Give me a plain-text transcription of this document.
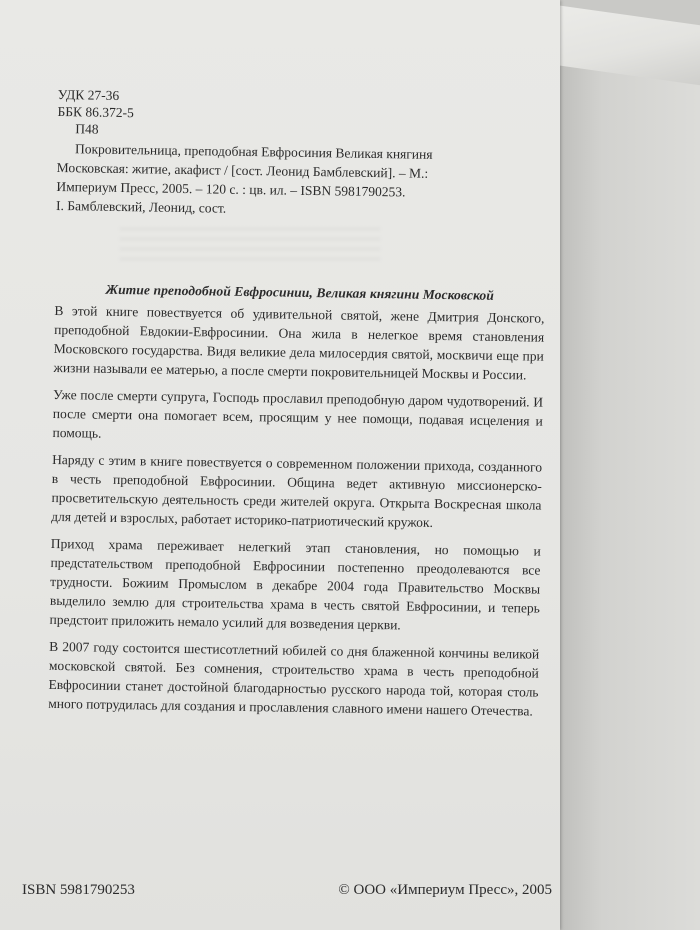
УДК 27-36
ББК 86.372-5
П48
Покровительница, преподобная Евфросиния Великая княгиня
Московская: житие, акафист / [сост. Леонид Бамблевский]. – М.:
Империум Пресс, 2005. – 120 с. : цв. ил. – ISBN 5981790253.
I. Бамблевский, Леонид, сост.
Житие преподобной Евфросинии, Великая княгини Московской

В этой книге повествуется об удивительной святой, жене Дмитрия Донского, преподобной Евдокии-Евфросинии. Она жила в нелегкое время становления Московского государства. Видя великие дела милосердия святой, москвичи еще при жизни называли ее матерью, а после смерти покровительницей Москвы и России.

Уже после смерти супруга, Господь прославил преподобную даром чудотворений. И после смерти она помогает всем, просящим у нее помощи, подавая исцеления и помощь.

Наряду с этим в книге повествуется о современном положении прихода, созданного в честь преподобной Евфросинии. Община ведет активную миссионерско-просветительскую деятельность среди жителей округа. Открыта Воскресная школа для детей и взрослых, работает историко-патриотический кружок.

Приход храма переживает нелегкий этап становления, но помощью и предстательством преподобной Евфросинии постепенно преодолеваются все трудности. Божиим Промыслом в декабре 2004 года Правительство Москвы выделило землю для строительства храма в честь святой Евфросинии, и теперь предстоит приложить немало усилий для возведения церкви.

В 2007 году состоится шестисотлетний юбилей со дня блаженной кончины великой московской святой. Без сомнения, строительство храма в честь преподобной Евфросинии станет достойной благодарностью русского народа той, которая столь много потрудилась для создания и прославления славного имени нашего Отечества.

ISBN 5981790253	© ООО «Империум Пресс», 2005
